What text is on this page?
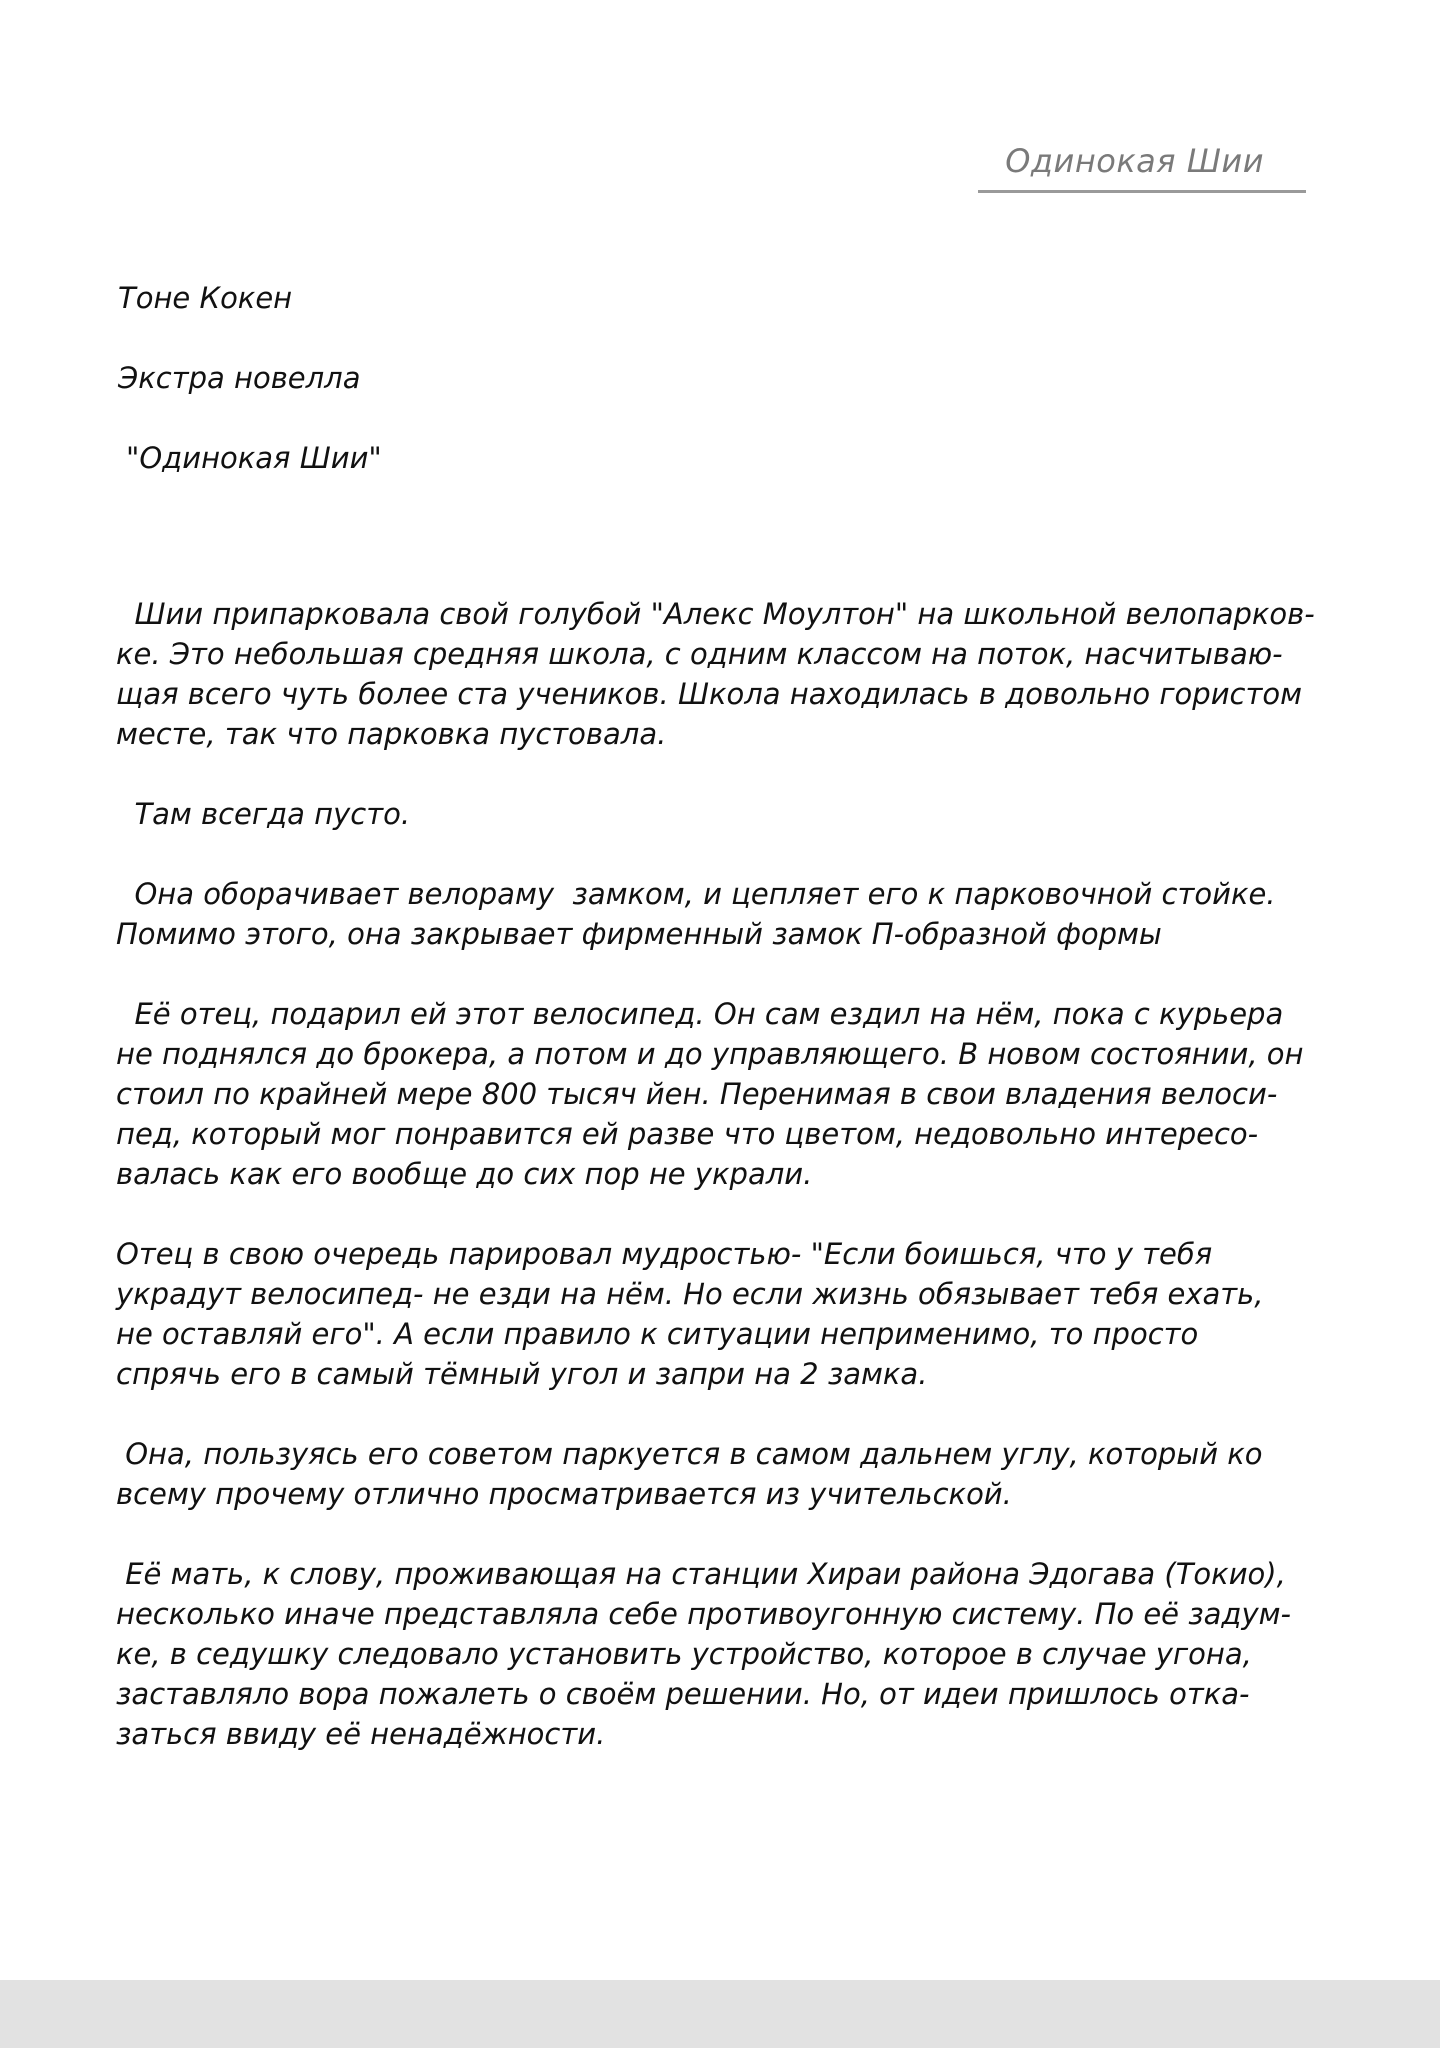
Одинокая Шии
Тоне Кокен
Экстра новелла
"Одинокая Шии"

Шии припарковала свой голубой "Алекс Моултон" на школьной велопарков-
ке. Это небольшая средняя школа, с одним классом на поток, насчитываю-
щая всего чуть более ста учеников. Школа находилась в довольно гористом
месте, так что парковка пустовала.

Там всегда пусто.

Она оборачивает велораму  замком, и цепляет его к парковочной стойке.
Помимо этого, она закрывает фирменный замок П-образной формы

Её отец, подарил ей этот велосипед. Он сам ездил на нём, пока с курьера
не поднялся до брокера, а потом и до управляющего. В новом состоянии, он
стоил по крайней мере 800 тысяч йен. Перенимая в свои владения велоси-
пед, который мог понравится ей разве что цветом, недовольно интересо-
валась как его вообще до сих пор не украли.

Отец в свою очередь парировал мудростью- "Если боишься, что у тебя
украдут велосипед- не езди на нём. Но если жизнь обязывает тебя ехать,
не оставляй его". А если правило к ситуации неприменимо, то просто
спрячь его в самый тёмный угол и запри на 2 замка.

Она, пользуясь его советом паркуется в самом дальнем углу, который ко
всему прочему отлично просматривается из учительской.

Её мать, к слову, проживающая на станции Хираи района Эдогава (Токио),
несколько иначе представляла себе противоугонную систему. По её задум-
ке, в седушку следовало установить устройство, которое в случае угона,
заставляло вора пожалеть о своём решении. Но, от идеи пришлось отка-
заться ввиду её ненадёжности.
